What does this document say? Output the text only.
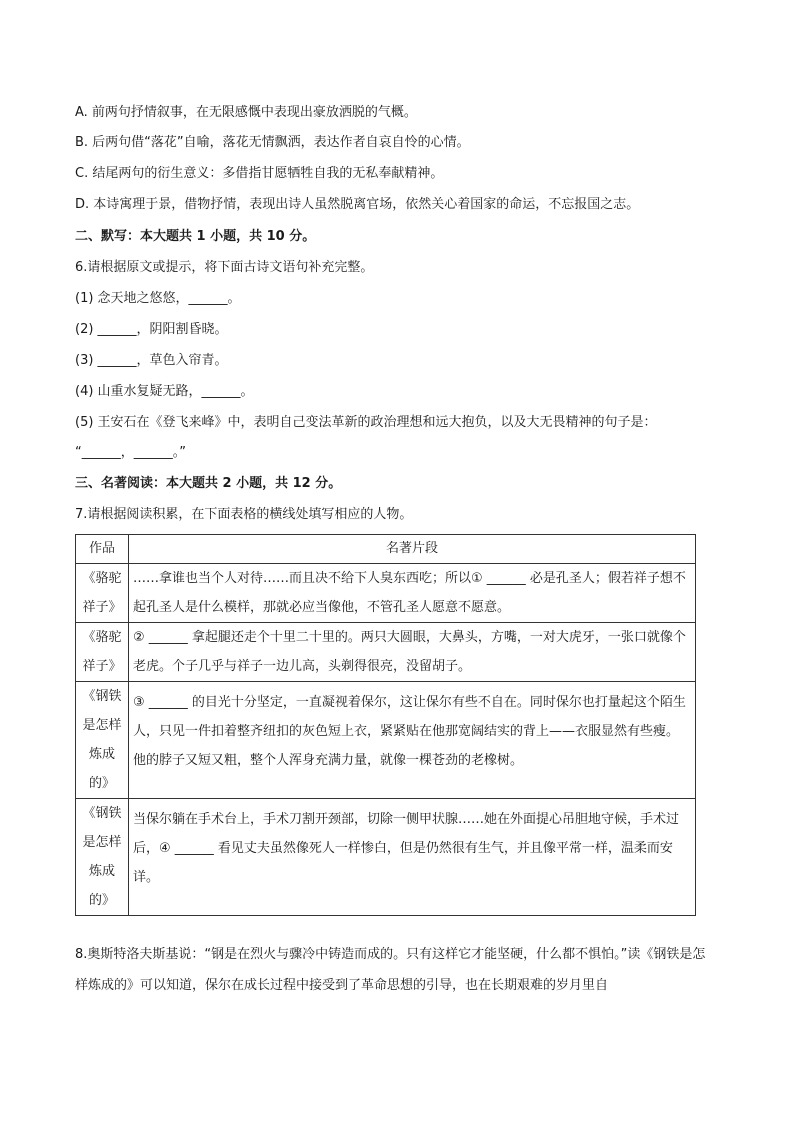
A. 前两句抒情叙事，在无限感慨中表现出豪放洒脱的气概。
B. 后两句借“落花”自喻，落花无情飘洒，表达作者自哀自怜的心情。
C. 结尾两句的衍生意义：多借指甘愿牺牲自我的无私奉献精神。
D. 本诗寓理于景，借物抒情，表现出诗人虽然脱离官场，依然关心着国家的命运，不忘报国之志。
二、默写：本大题共 1 小题，共 10 分。
6.请根据原文或提示，将下面古诗文语句补充完整。
(1) 念天地之悠悠，______。
(2) ______，阴阳割昏晓。
(3) ______，草色入帘青。
(4) 山重水复疑无路，______。
(5) 王安石在《登飞来峰》中，表明自己变法革新的政治理想和远大抱负，以及大无畏精神的句子是：
“______，______。”
三、名著阅读：本大题共 2 小题，共 12 分。
7.请根据阅读积累，在下面表格的横线处填写相应的人物。
作品	名著片段
《骆驼祥子》	……拿谁也当个人对待……而且决不给下人臭东西吃；所以① ______ 必是孔圣人；假若祥子想不起孔圣人是什么模样，那就必应当像他，不管孔圣人愿意不愿意。
《骆驼祥子》	② ______ 拿起腿还走个十里二十里的。两只大圆眼，大鼻头，方嘴，一对大虎牙，一张口就像个老虎。个子几乎与祥子一边儿高，头剃得很亮，没留胡子。
《钢铁是怎样炼成的》	③ ______ 的目光十分坚定，一直凝视着保尔，这让保尔有些不自在。同时保尔也打量起这个陌生人，只见一件扣着整齐纽扣的灰色短上衣，紧紧贴在他那宽阔结实的背上——衣服显然有些瘦。他的脖子又短又粗，整个人浑身充满力量，就像一棵苍劲的老橡树。
《钢铁是怎样炼成的》	当保尔躺在手术台上，手术刀割开颈部，切除一侧甲状腺……她在外面提心吊胆地守候，手术过后，④ ______ 看见丈夫虽然像死人一样惨白，但是仍然很有生气，并且像平常一样，温柔而安详。
8.奥斯特洛夫斯基说：“钢是在烈火与骤冷中铸造而成的。只有这样它才能坚硬，什么都不惧怕。”读《钢铁是怎样炼成的》可以知道，保尔在成长过程中接受到了革命思想的引导，也在长期艰难的岁月里自
